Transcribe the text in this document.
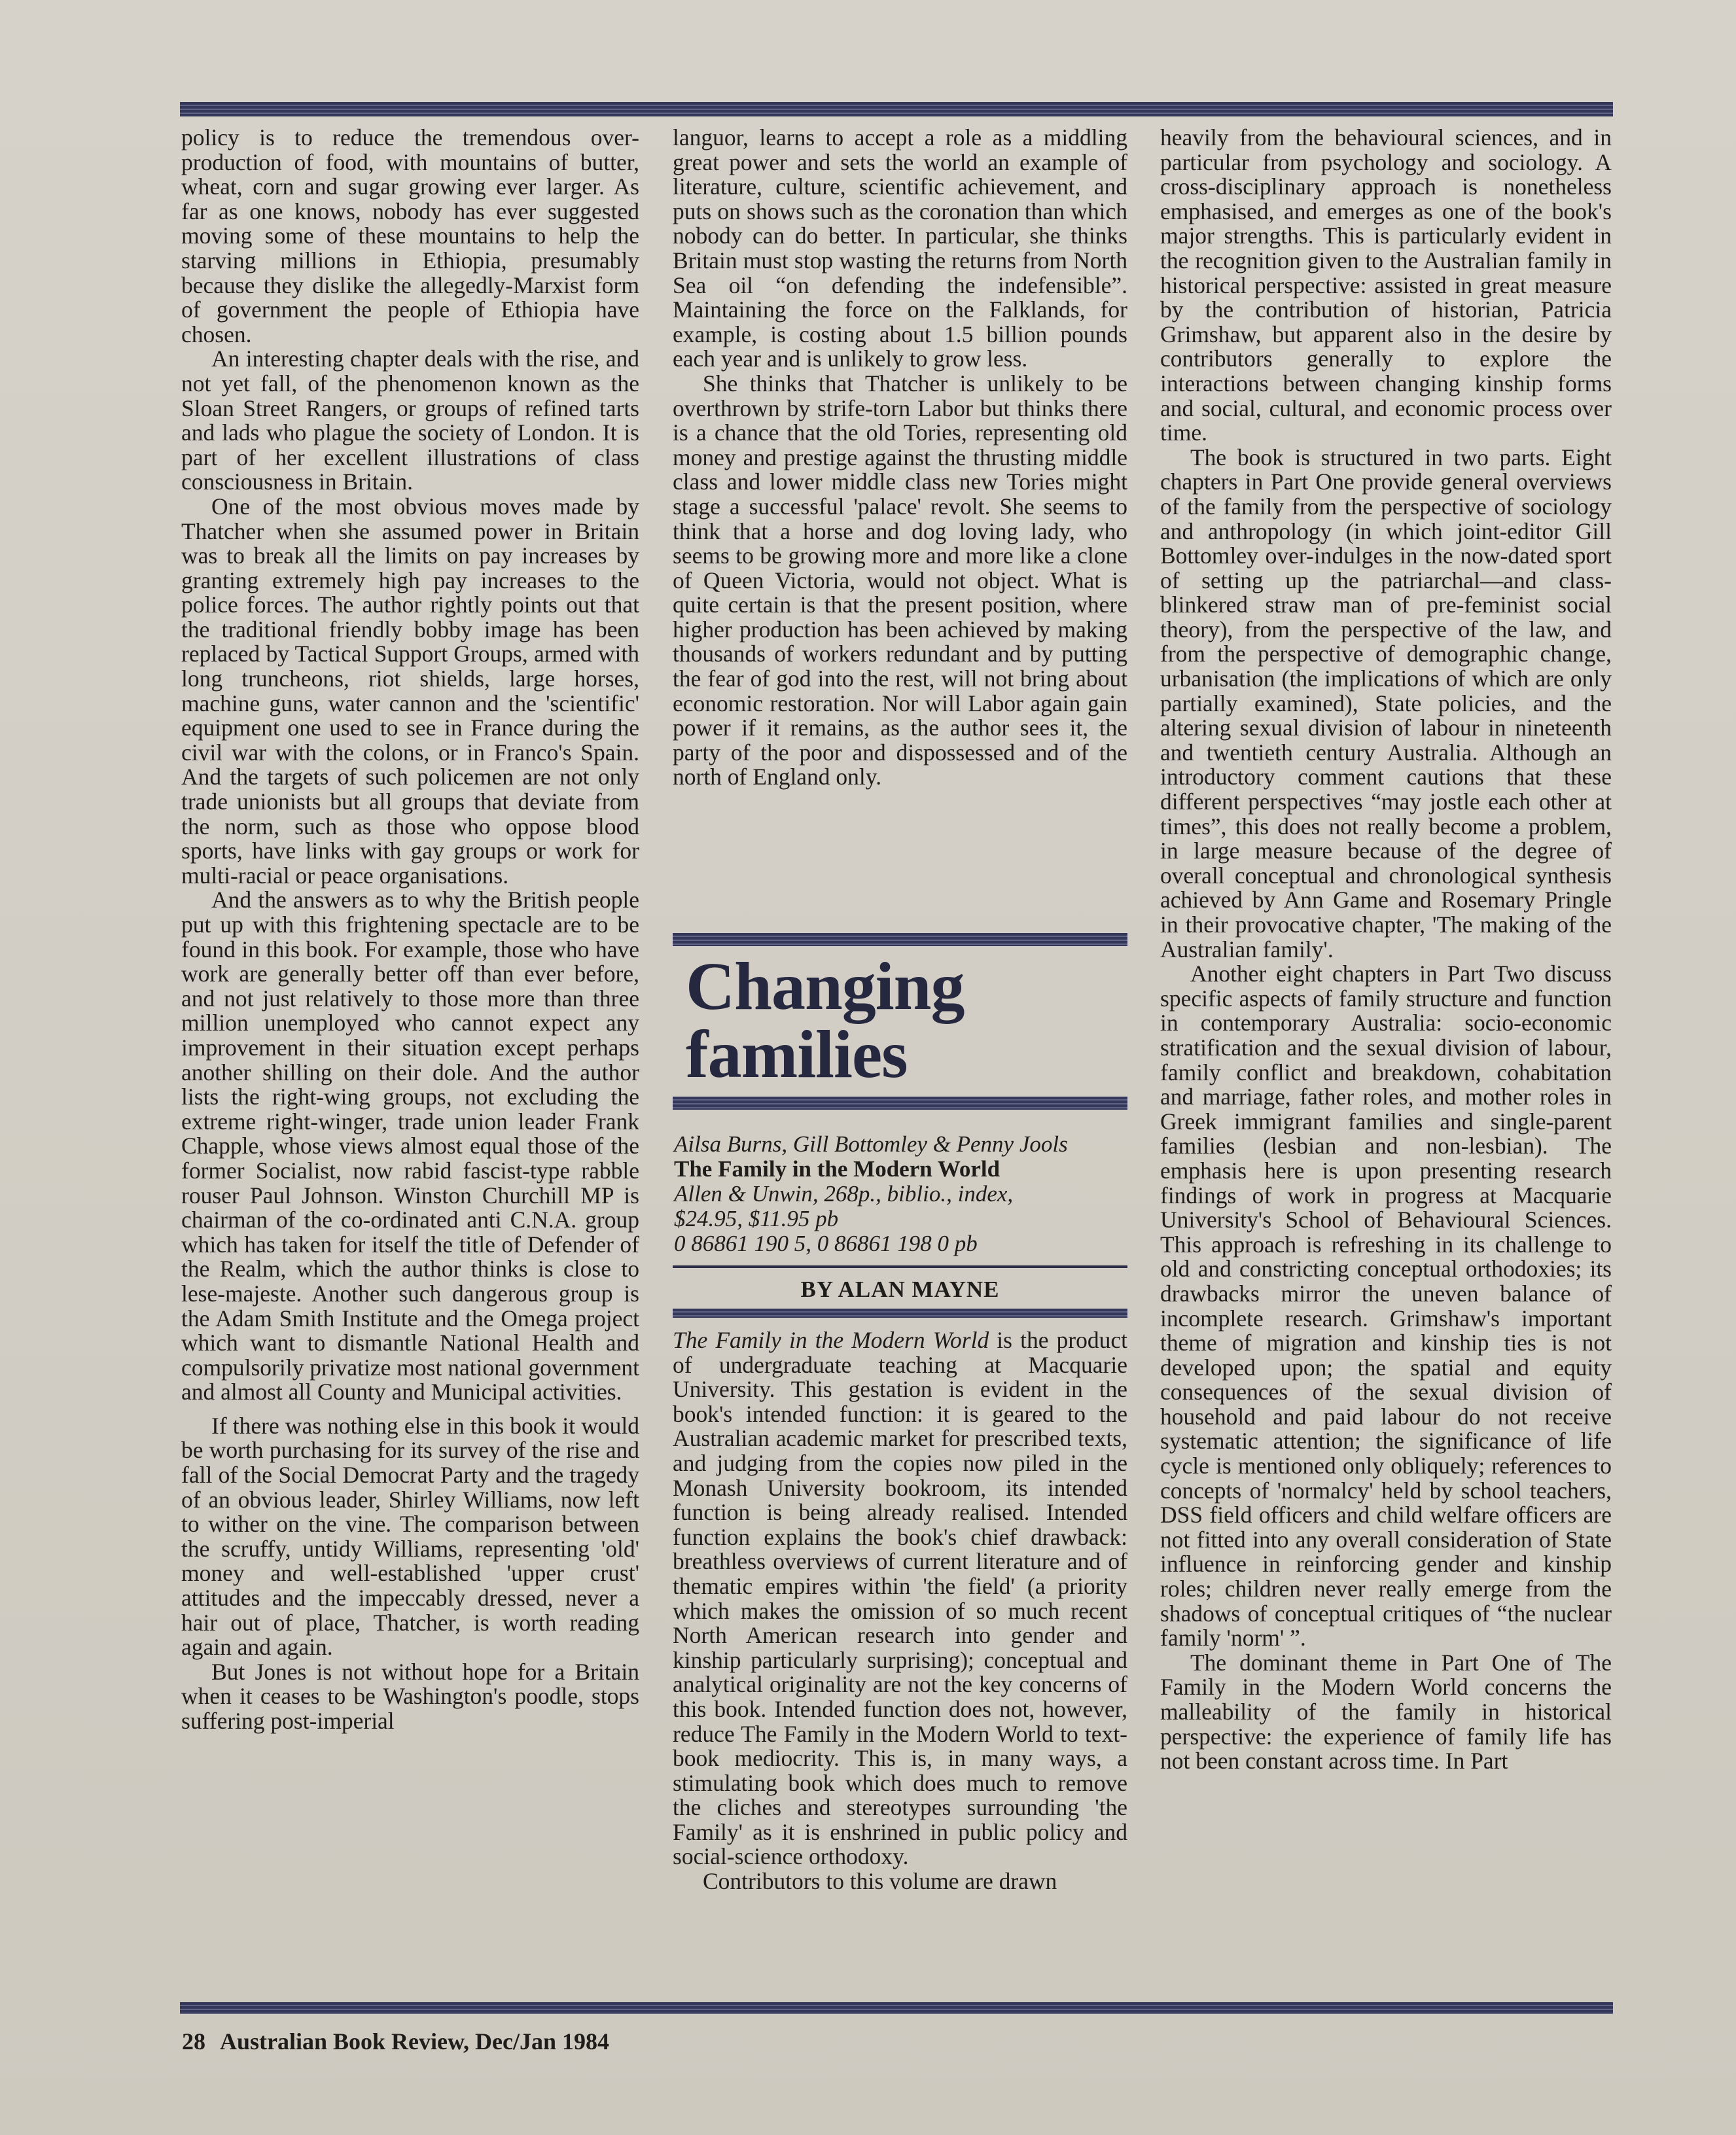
policy is to reduce the tremendous over-production of food, with mountains of butter, wheat, corn and sugar growing ever larger. As far as one knows, nobody has ever suggested moving some of these mountains to help the starving millions in Ethiopia, presumably because they dislike the allegedly-Marxist form of government the people of Ethiopia have chosen.

An interesting chapter deals with the rise, and not yet fall, of the phenomenon known as the Sloan Street Rangers, or groups of refined tarts and lads who plague the society of London. It is part of her excellent illustrations of class consciousness in Britain.

One of the most obvious moves made by Thatcher when she assumed power in Britain was to break all the limits on pay increases by granting extremely high pay increases to the police forces. The author rightly points out that the traditional friendly bobby image has been replaced by Tactical Support Groups, armed with long truncheons, riot shields, large horses, machine guns, water cannon and the 'scientific' equipment one used to see in France during the civil war with the colons, or in Franco's Spain. And the targets of such policemen are not only trade unionists but all groups that deviate from the norm, such as those who oppose blood sports, have links with gay groups or work for multi-racial or peace organisations.

And the answers as to why the British people put up with this frightening spectacle are to be found in this book. For example, those who have work are generally better off than ever before, and not just relatively to those more than three million unemployed who cannot expect any improvement in their situation except perhaps another shilling on their dole. And the author lists the right-wing groups, not excluding the extreme right-winger, trade union leader Frank Chapple, whose views almost equal those of the former Socialist, now rabid fascist-type rabble rouser Paul Johnson. Winston Churchill MP is chairman of the co-ordinated anti C.N.A. group which has taken for itself the title of Defender of the Realm, which the author thinks is close to lese-majeste. Another such dangerous group is the Adam Smith Institute and the Omega project which want to dismantle National Health and compulsorily privatize most national government and almost all County and Municipal activities.

If there was nothing else in this book it would be worth purchasing for its survey of the rise and fall of the Social Democrat Party and the tragedy of an obvious leader, Shirley Williams, now left to wither on the vine. The comparison between the scruffy, untidy Williams, representing 'old' money and well-established 'upper crust' attitudes and the impeccably dressed, never a hair out of place, Thatcher, is worth reading again and again.

But Jones is not without hope for a Britain when it ceases to be Washington's poodle, stops suffering post-imperial

languor, learns to accept a role as a middling great power and sets the world an example of literature, culture, scientific achievement, and puts on shows such as the coronation than which nobody can do better. In particular, she thinks Britain must stop wasting the returns from North Sea oil “on defending the indefensible”. Maintaining the force on the Falklands, for example, is costing about 1.5 billion pounds each year and is unlikely to grow less.

She thinks that Thatcher is unlikely to be overthrown by strife-torn Labor but thinks there is a chance that the old Tories, representing old money and prestige against the thrusting middle class and lower middle class new Tories might stage a successful 'palace' revolt. She seems to think that a horse and dog loving lady, who seems to be growing more and more like a clone of Queen Victoria, would not object. What is quite certain is that the present position, where higher production has been achieved by making thousands of workers redundant and by putting the fear of god into the rest, will not bring about economic restoration. Nor will Labor again gain power if it remains, as the author sees it, the party of the poor and dispossessed and of the north of England only.

Changing
families
Ailsa Burns, Gill Bottomley & Penny Jools
The Family in the Modern World
Allen & Unwin, 268p., biblio., index,
$24.95, $11.95 pb
0 86861 190 5, 0 86861 198 0 pb
BY ALAN MAYNE

The Family in the Modern World is the product of undergraduate teaching at Macquarie University. This gestation is evident in the book's intended function: it is geared to the Australian academic market for prescribed texts, and judging from the copies now piled in the Monash University bookroom, its intended function is being already realised. Intended function explains the book's chief drawback: breathless overviews of current literature and of thematic empires within 'the field' (a priority which makes the omission of so much recent North American research into gender and kinship particularly surprising); conceptual and analytical originality are not the key concerns of this book. Intended function does not, however, reduce The Family in the Modern World to text-book mediocrity. This is, in many ways, a stimulating book which does much to remove the cliches and stereotypes surrounding 'the Family' as it is enshrined in public policy and social-science orthodoxy.

Contributors to this volume are drawn

heavily from the behavioural sciences, and in particular from psychology and sociology. A cross-disciplinary approach is nonetheless emphasised, and emerges as one of the book's major strengths. This is particularly evident in the recognition given to the Australian family in historical perspective: assisted in great measure by the contribution of historian, Patricia Grimshaw, but apparent also in the desire by contributors generally to explore the interactions between changing kinship forms and social, cultural, and economic process over time.

The book is structured in two parts. Eight chapters in Part One provide general overviews of the family from the perspective of sociology and anthropology (in which joint-editor Gill Bottomley over-indulges in the now-dated sport of setting up the patriarchal—and class-blinkered straw man of pre-feminist social theory), from the perspective of the law, and from the perspective of demographic change, urbanisation (the implications of which are only partially examined), State policies, and the altering sexual division of labour in nineteenth and twentieth century Australia. Although an introductory comment cautions that these different perspectives “may jostle each other at times”, this does not really become a problem, in large measure because of the degree of overall conceptual and chronological synthesis achieved by Ann Game and Rosemary Pringle in their provocative chapter, 'The making of the Australian family'.

Another eight chapters in Part Two discuss specific aspects of family structure and function in contemporary Australia: socio-economic stratification and the sexual division of labour, family conflict and breakdown, cohabitation and marriage, father roles, and mother roles in Greek immigrant families and single-parent families (lesbian and non-lesbian). The emphasis here is upon presenting research findings of work in progress at Macquarie University's School of Behavioural Sciences. This approach is refreshing in its challenge to old and constricting conceptual orthodoxies; its drawbacks mirror the uneven balance of incomplete research. Grimshaw's important theme of migration and kinship ties is not developed upon; the spatial and equity consequences of the sexual division of household and paid labour do not receive systematic attention; the significance of life cycle is mentioned only obliquely; references to concepts of 'normalcy' held by school teachers, DSS field officers and child welfare officers are not fitted into any overall consideration of State influence in reinforcing gender and kinship roles; children never really emerge from the shadows of conceptual critiques of “the nuclear family 'norm' ”.

The dominant theme in Part One of The Family in the Modern World concerns the malleability of the family in historical perspective: the experience of family life has not been constant across time. In Part

28 Australian Book Review, Dec/Jan 1984
